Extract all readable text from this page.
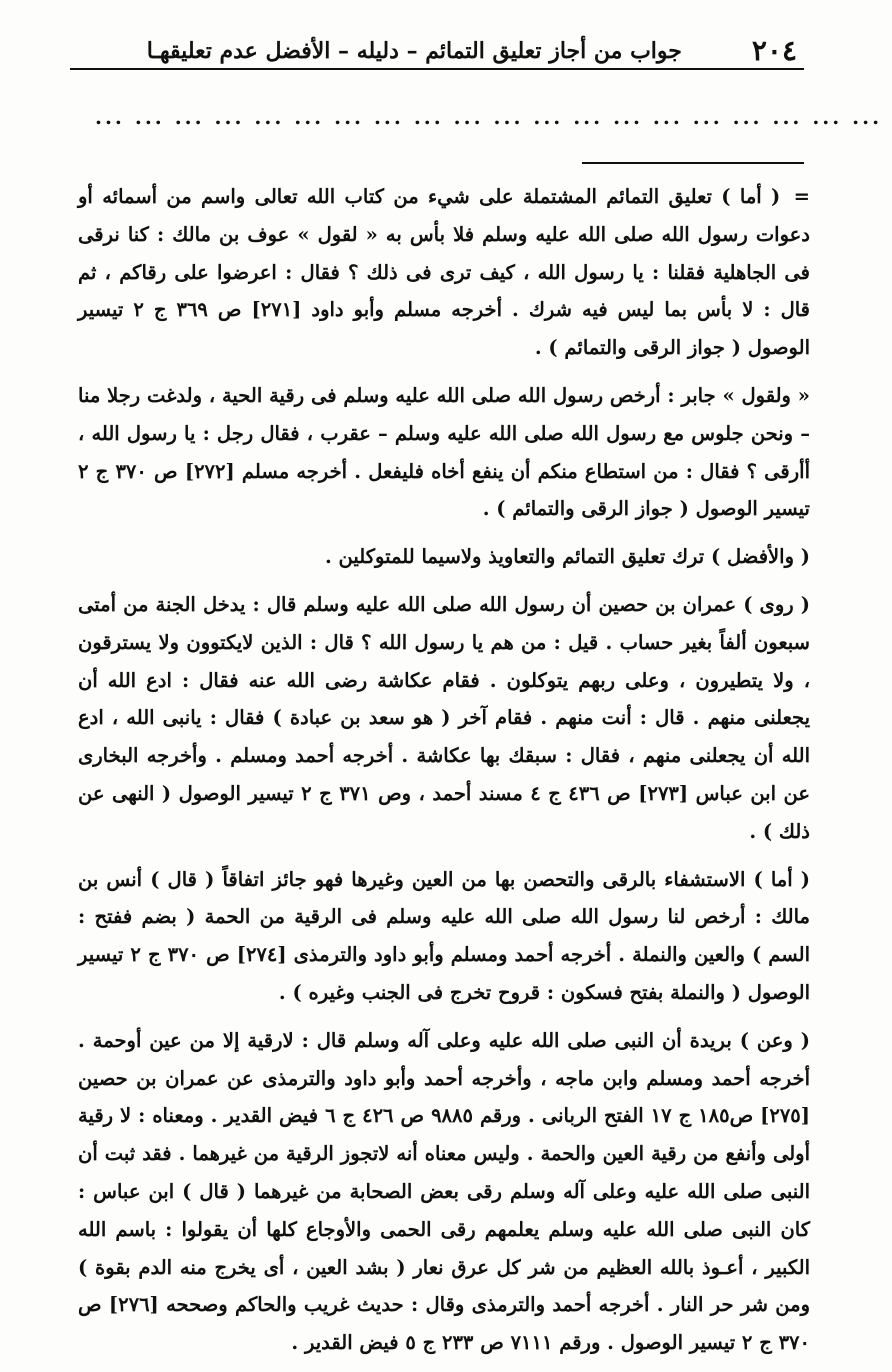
٢٠٤
جواب من أجاز تعليق التمائم – دليله – الأفضل عدم تعليقهـا
... ... ... ... ... ... ... ... ... ... ... ... ... ... ... ... ... ... ... ...

= ( أما ) تعليق التمائم المشتملة على شيء من كتاب الله تعالى واسم من أسمائه أو دعوات رسول الله صلى الله عليه وسلم فلا بأس به « لقول » عوف بن مالك : كنا نرقى فى الجاهلية فقلنا : يا رسول الله ، كيف ترى فى ذلك ؟ فقال : اعرضوا على رقاكم ، ثم قال : لا بأس بما ليس فيه شرك . أخرجه مسلم وأبو داود [٢٧١] ص ٣٦٩ ج ٢ تيسير الوصول ( جواز الرقى والتمائم ) .

« ولقول » جابر : أرخص رسول الله صلى الله عليه وسلم فى رقية الحية ، ولدغت رجلا منا – ونحن جلوس مع رسول الله صلى الله عليه وسلم – عقرب ، فقال رجل : يا رسول الله ، أأرقى ؟ فقال : من استطاع منكم أن ينفع أخاه فليفعل . أخرجه مسلم [٢٧٢] ص ٣٧٠ ج ٢ تيسير الوصول ( جواز الرقى والتمائم ) .

( والأفضل ) ترك تعليق التمائم والتعاويذ ولاسيما للمتوكلين .

( روى ) عمران بن حصين أن رسول الله صلى الله عليه وسلم قال : يدخل الجنة من أمتى سبعون ألفاً بغير حساب . قيل : من هم يا رسول الله ؟ قال : الذين لايكتوون ولا يسترقون ، ولا يتطيرون ، وعلى ربهم يتوكلون . فقام عكاشة رضى الله عنه فقال : ادع الله أن يجعلنى منهم . قال : أنت منهم . فقام آخر ( هو سعد بن عبادة ) فقال : يانبى الله ، ادع الله أن يجعلنى منهم ، فقال : سبقك بها عكاشة . أخرجه أحمد ومسلم . وأخرجه البخارى عن ابن عباس [٢٧٣] ص ٤٣٦ ج ٤ مسند أحمد ، وص ٣٧١ ج ٢ تيسير الوصول ( النهى عن ذلك ) .

( أما ) الاستشفاء بالرقى والتحصن بها من العين وغيرها فهو جائز اتفاقاً ( قال ) أنس بن مالك : أرخص لنا رسول الله صلى الله عليه وسلم فى الرقية من الحمة ( بضم ففتح : السم ) والعين والنملة . أخرجه أحمد ومسلم وأبو داود والترمذى [٢٧٤] ص ٣٧٠ ج ٢ تيسير الوصول ( والنملة بفتح فسكون : قروح تخرج فى الجنب وغيره ) .

( وعن ) بريدة أن النبى صلى الله عليه وعلى آله وسلم قال : لارقية إلا من عين أوحمة . أخرجه أحمد ومسلم وابن ماجه ، وأخرجه أحمد وأبو داود والترمذى عن عمران بن حصين [٢٧٥] ص١٨٥ ج ١٧ الفتح الربانى . ورقم ٩٨٨٥ ص ٤٢٦ ج ٦ فيض القدير . ومعناه : لا رقية أولى وأنفع من رقية العين والحمة . وليس معناه أنه لاتجوز الرقية من غيرهما . فقد ثبت أن النبى صلى الله عليه وعلى آله وسلم رقى بعض الصحابة من غيرهما ( قال ) ابن عباس : كان النبى صلى الله عليه وسلم يعلمهم رقى الحمى والأوجاع كلها أن يقولوا : باسم الله الكبير ، أعـوذ بالله العظيم من شر كل عرق نعار ( بشد العين ، أى يخرج منه الدم بقوة ) ومن شر حر النار . أخرجه أحمد والترمذى وقال : حديث غريب والحاكم وصححه [٢٧٦] ص ٣٧٠ ج ٢ تيسير الوصول . ورقم ٧١١١ ص ٢٣٣ ج ٥ فيض القدير .
